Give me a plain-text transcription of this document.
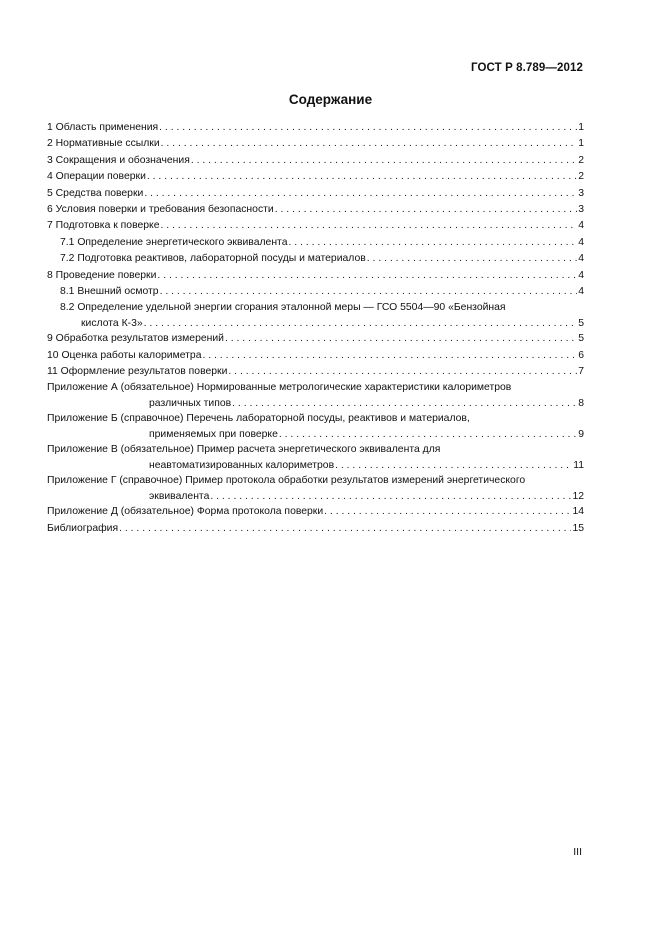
ГОСТ Р 8.789—2012
Содержание
1 Область применения . . .	1
2 Нормативные ссылки . . .	1
3 Сокращения и обозначения . . .	2
4 Операции поверки . . .	2
5 Средства поверки . . .	3
6 Условия поверки и требования безопасности . . .	3
7 Подготовка к поверке . . .	4
7.1 Определение энергетического эквивалента . . .	4
7.2 Подготовка реактивов, лабораторной посуды и материалов . . .	4
8 Проведение поверки . . .	4
8.1 Внешний осмотр . . .	4
8.2 Определение удельной энергии сгорания эталонной меры — ГСО 5504—90 «Бензойная
кислота К-3» . . .	5
9 Обработка результатов измерений . . .	5
10 Оценка работы калориметра . . .	6
11 Оформление результатов поверки . . .	7
Приложение А (обязательное) Нормированные метрологические характеристики калориметров
различных типов . . .	8
Приложение Б (справочное) Перечень лабораторной посуды, реактивов и материалов,
применяемых при поверке . . .	9
Приложение В (обязательное) Пример расчета энергетического эквивалента для
неавтоматизированных калориметров . . .	11
Приложение Г (справочное) Пример протокола обработки результатов измерений энергетического
эквивалента . . .	12
Приложение Д (обязательное) Форма протокола поверки . . .	14
Библиография . . .	15
III
